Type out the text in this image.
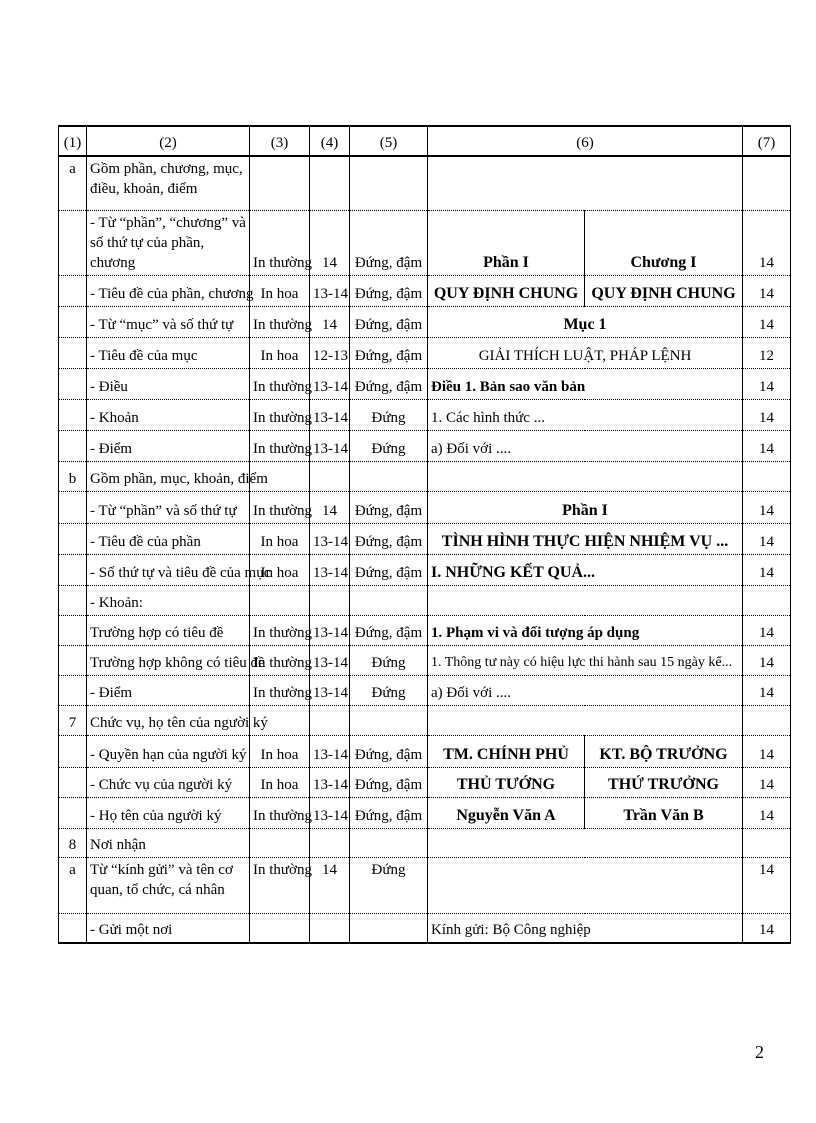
(1)	(2)	(3)	(4)	(5)	(6)		(7)
a	Gồm phần, chương, mục, điều, khoản, điểm						
	- Từ “phần”, “chương” và số thứ tự của phần, chương	In thường	14	Đứng, đậm	Phần I	Chương I	14
	- Tiêu đề của phần, chương	In hoa	13-14	Đứng, đậm	QUY ĐỊNH CHUNG	QUY ĐỊNH CHUNG	14
	- Từ “mục” và số thứ tự	In thường	14	Đứng, đậm	Mục 1		14
	- Tiêu đề của mục	In hoa	12-13	Đứng, đậm	GIẢI THÍCH LUẬT, PHÁP LỆNH		12
	- Điều	In thường	13-14	Đứng, đậm	Điều 1. Bản sao văn bản		14
	- Khoản	In thường	13-14	Đứng	1. Các hình thức ...		14
	- Điểm	In thường	13-14	Đứng	a) Đối với ....		14
b	Gồm phần, mục, khoản, điểm						
	- Từ “phần” và số thứ tự	In thường	14	Đứng, đậm	Phần I		14
	- Tiêu đề của phần	In hoa	13-14	Đứng, đậm	TÌNH HÌNH THỰC HIỆN NHIỆM VỤ ...		14
	- Số thứ tự và tiêu đề của mục	In hoa	13-14	Đứng, đậm	I. NHỮNG KẾT QUẢ...		14
	- Khoản:						
	Trường hợp có tiêu đề	In thường	13-14	Đứng, đậm	1. Phạm vi và đối tượng áp dụng		14
	Trường hợp không có tiêu đề	In thường	13-14	Đứng	1. Thông tư này có hiệu lực thi hành sau 15 ngày kể...		14
	- Điểm	In thường	13-14	Đứng	a) Đối với ....		14
7	Chức vụ, họ tên của người ký						
	- Quyền hạn của người ký	In hoa	13-14	Đứng, đậm	TM. CHÍNH PHỦ	KT. BỘ TRƯỞNG	14
	- Chức vụ của người ký	In hoa	13-14	Đứng, đậm	THỦ TƯỚNG	THỨ TRƯỞNG	14
	- Họ tên của người ký	In thường	13-14	Đứng, đậm	Nguyễn Văn A	Trần Văn B	14
8	Nơi nhận						
a	Từ “kính gửi” và tên cơ quan, tổ chức, cá nhân	In thường	14	Đứng			14
	- Gửi một nơi				Kính gửi: Bộ Công nghiệp		14
2
